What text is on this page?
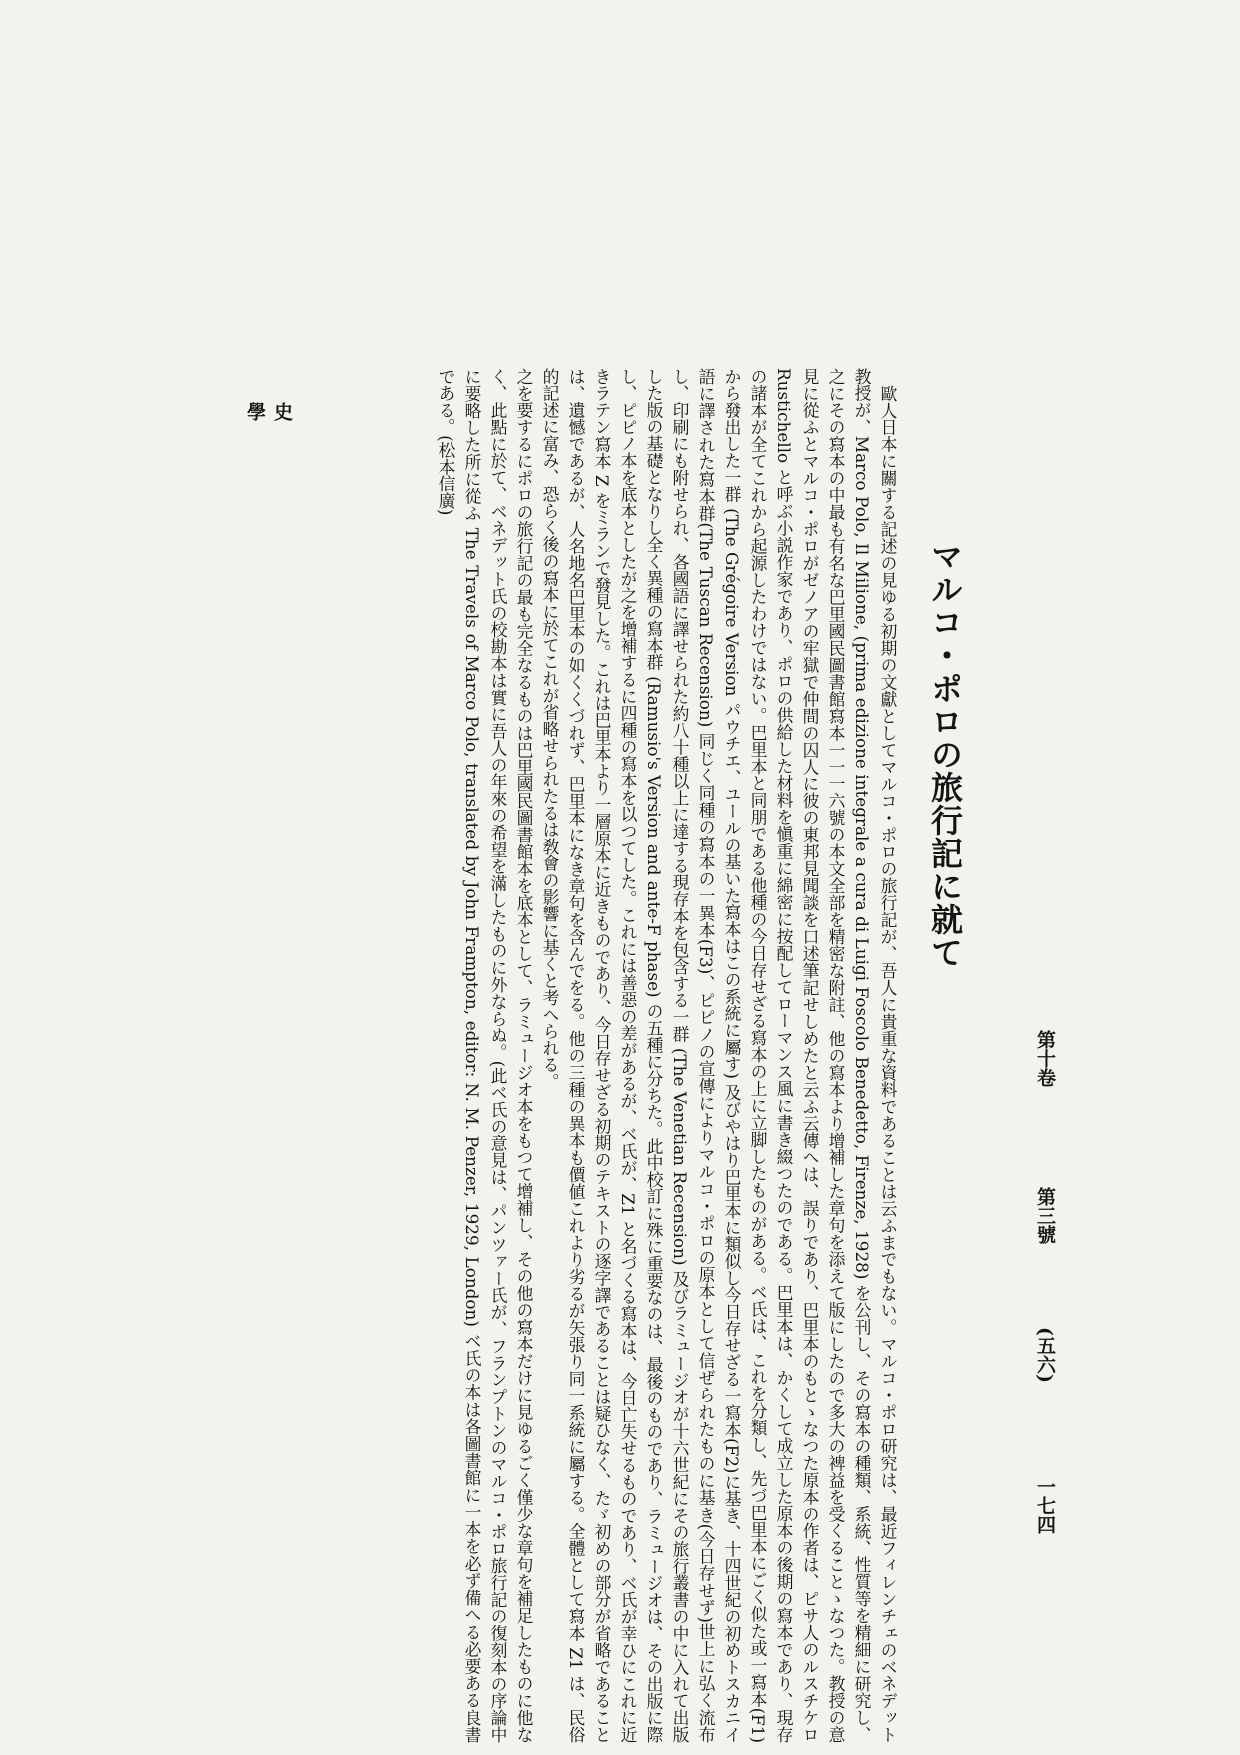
史
學
第十卷
第三號
(五六)
一七四
マルコ・ポロの旅行記に就て

歐人日本に關する記述の見ゆる初期の文獻としてマルコ・ポロの旅行記が、吾人に貴重な資料であることは云ふまでもない。マルコ・ポロ研究は、最近フィレンチェのベネデット教授が、Marco Polo, Il Milione, (prima edizione integrale a cura di Luigi Foscolo Benedetto, Firenze, 1928) を公刊し、その寫本の種類、系統、性質等を精細に研究し、之にその寫本の中最も有名な巴里國民圖書館寫本一一一六號の本文全部を精密な附註、他の寫本より增補した章句を添えて版にしたので多大の裨益を受くることゝなつた。教授の意見に從ふとマルコ・ポロがゼノアの牢獄で仲間の囚人に彼の東邦見聞談を口述筆記せしめたと云ふ云傳へは、誤りであり、巴里本のもとゝなつた原本の作者は、ピサ人のルスチケロ Rustichello と呼ぶ小説作家であり、ポロの供給した材料を愼重に綿密に按配してローマンス風に書き綴つたのである。巴里本は、かくして成立した原本の後期の寫本であり、現存の諸本が全てこれから起源したわけではない。巴里本と同朋である他種の今日存せざる寫本の上に立脚したものがある。ベ氏は、これを分類し、先づ巴里本にごく似た或一寫本(F1)から發出した一群 (The Grégoire Version パウチエ、ユールの基いた寫本はこの系統に屬す) 及びやはり巴里本に類似し今日存せざる一寫本(F2)に基き、十四世紀の初めトスカニイ語に譯された寫本群(The Tuscan Recension) 同じく同種の寫本の一異本(F3)、ピピノの宣傳によりマルコ・ポロの原本として信ぜられたものに基き(今日存せず)世上に弘く流布し、印刷にも附せられ、各國語に譯せられた約八十種以上に達する現存本を包含する一群 (The Venetian Recension) 及びラミュージオが十六世紀にその旅行叢書の中に入れて出版した版の基礎となりし全く異種の寫本群 (Ramusio's Version and ante-F phase) の五種に分ちた。此中校訂に殊に重要なのは、最後のものであり、ラミュージオは、その出版に際し、ピピノ本を底本としたが之を增補するに四種の寫本を以つてした。これには善惡の差があるが、ベ氏が、Z1 と名づくる寫本は、今日亡失せるものであり、ベ氏が幸ひにこれに近きラテン寫本 Z をミランで發見した。これは巴里本より一層原本に近きものであり、今日存せざる初期のテキストの逐字譯であることは疑ひなく、たゞ初めの部分が省略であることは、遺憾であるが、人名地名巴里本の如くくづれず、巴里本になき章句を含んでをる。他の三種の異本も價値これより劣るが矢張り同一系統に屬する。全體として寫本 Z1 は、民俗的記述に富み、恐らく後の寫本に於てこれが省略せられたるは敎會の影響に基くと考へられる。

之を要するにポロの旅行記の最も完全なるものは巴里國民圖書館本を底本として、ラミュージオ本をもつて增補し、その他の寫本だけに見ゆるごく僅少な章句を補足したものに他なく、此點に於て、ベネデット氏の校勘本は實に吾人の年來の希望を滿したものに外ならぬ。(此ベ氏の意見は、パンツァー氏が、フランプトンのマルコ・ポロ旅行記の復刻本の序論中に要略した所に從ふ The Travels of Marco Polo, translated by John Frampton, editor: N. M. Penzer, 1929, London) ベ氏の本は各圖書館に一本を必ず備へる必要ある良書である。(松本信廣)
